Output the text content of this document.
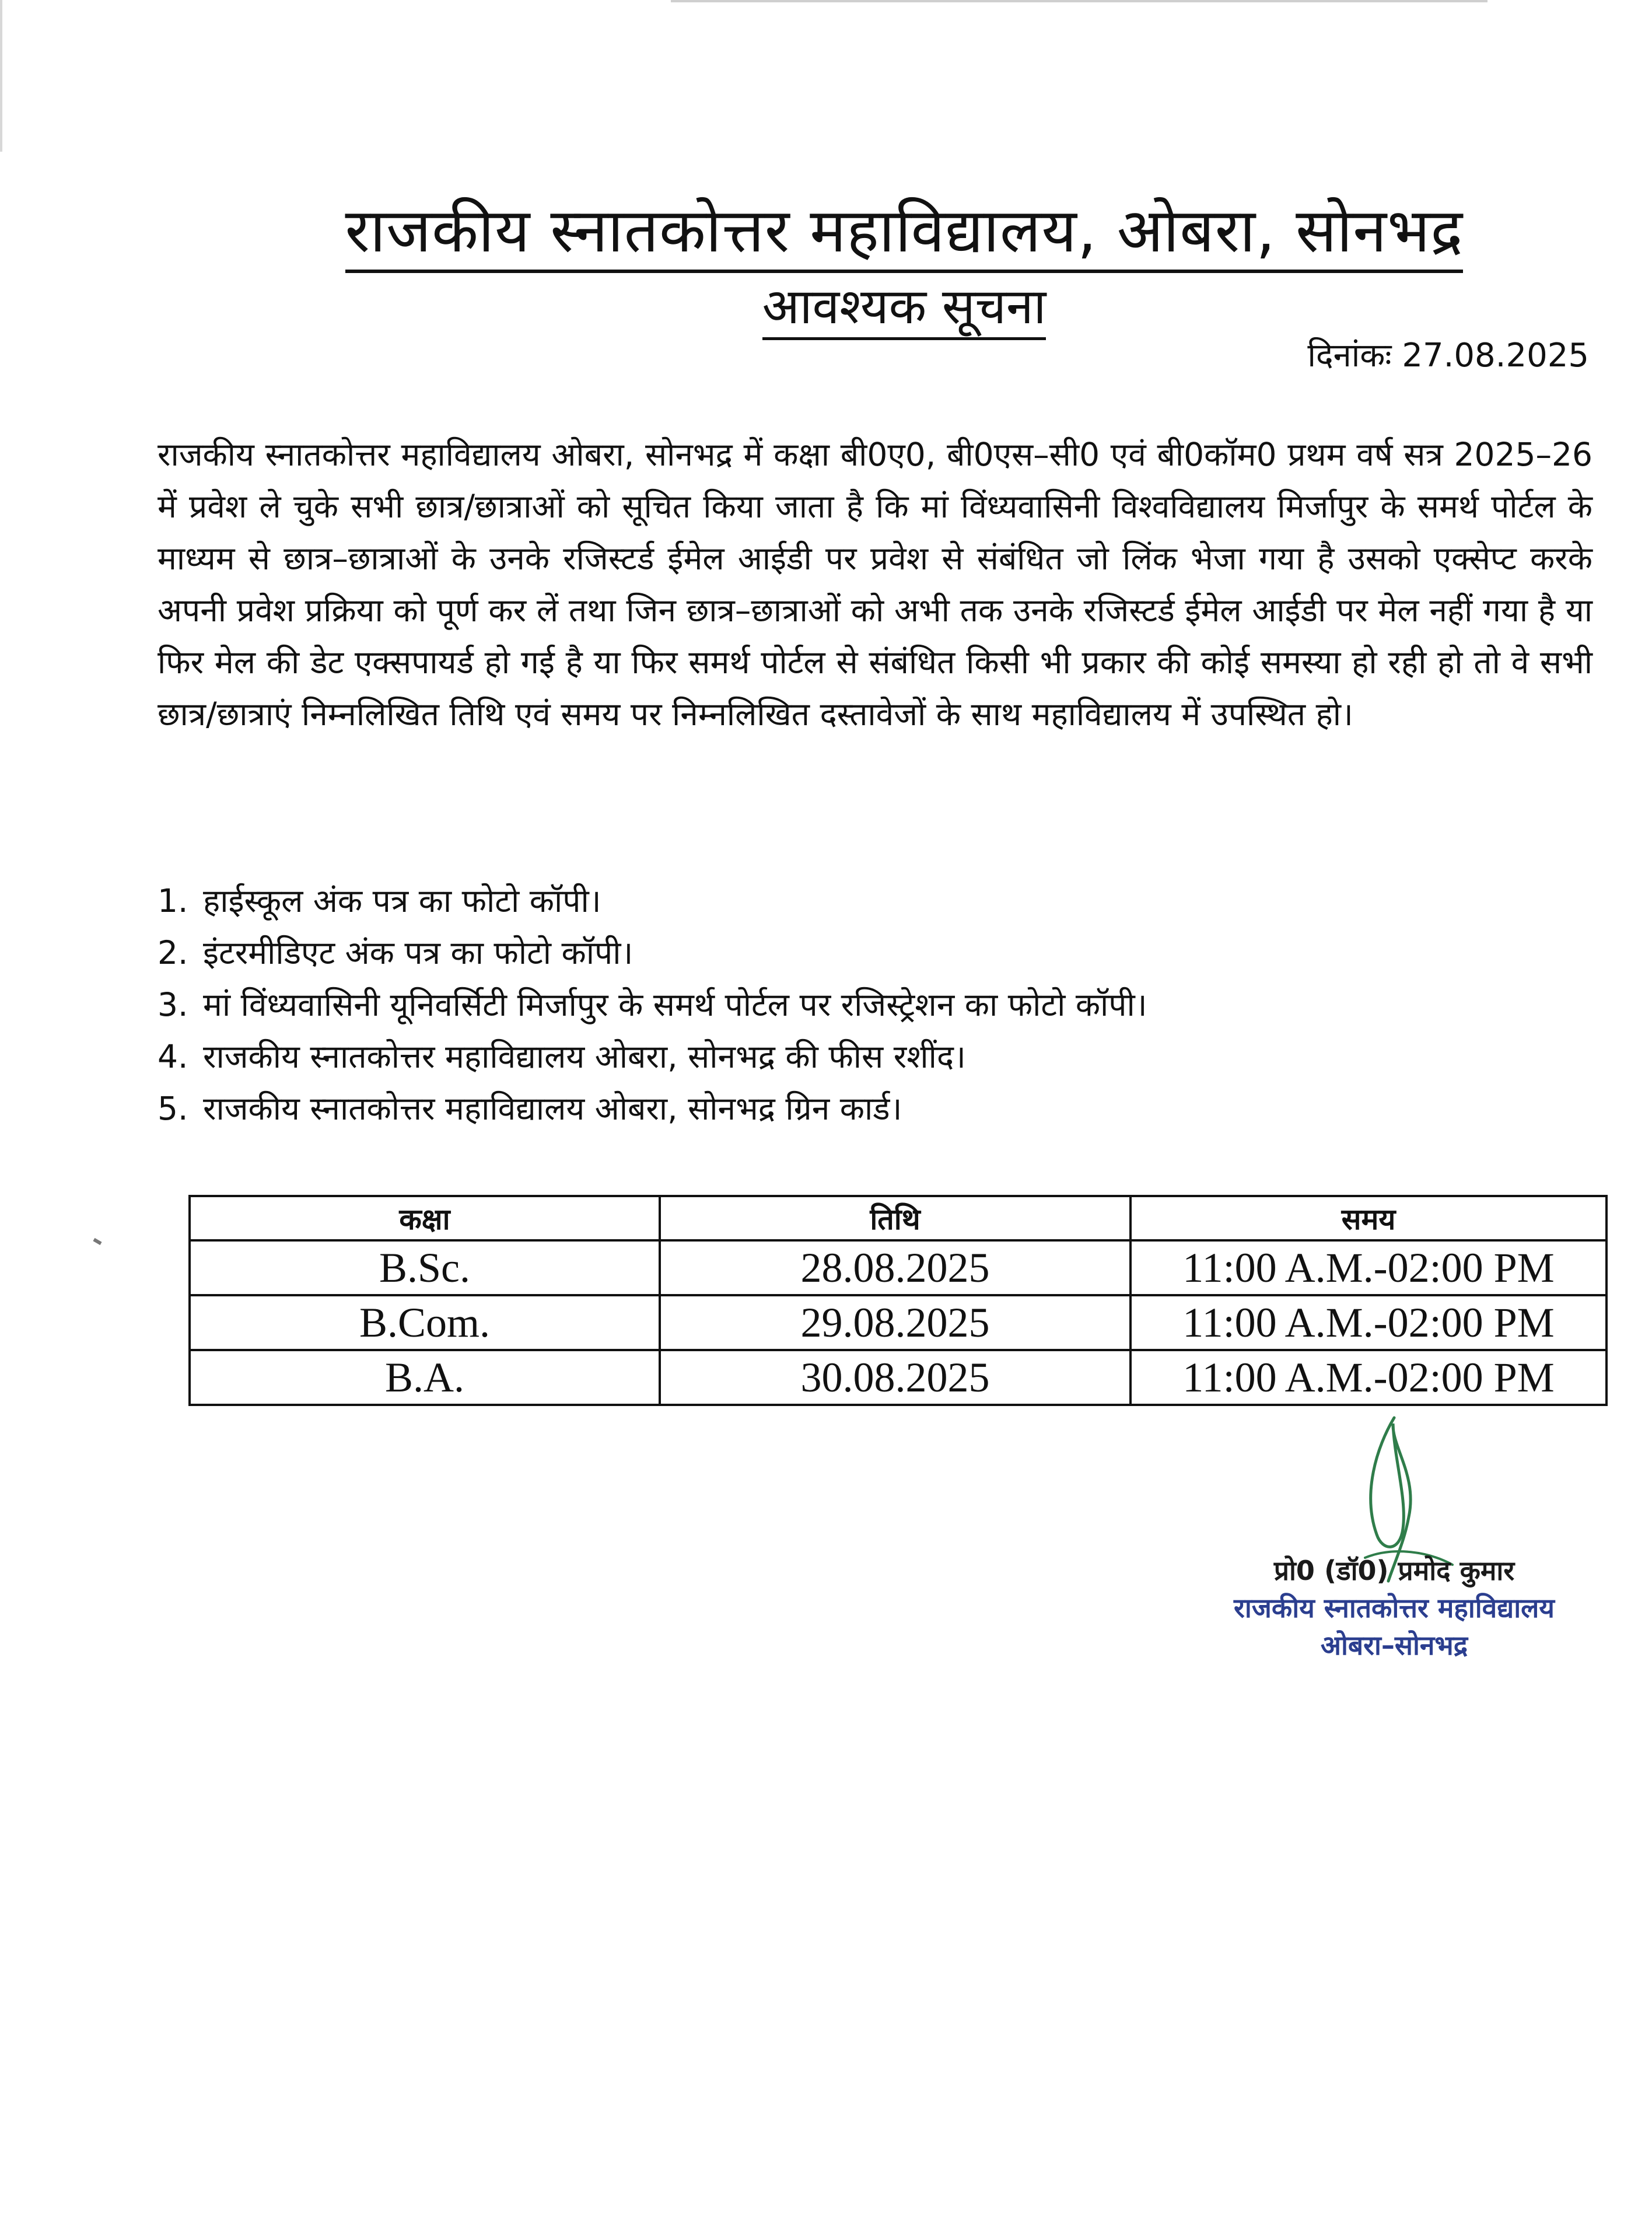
राजकीय स्नातकोत्तर महाविद्यालय, ओबरा, सोनभद्र
आवश्यक सूचना
दिनांकः 27.08.2025
राजकीय स्नातकोत्तर महाविद्यालय ओबरा, सोनभद्र में कक्षा बी0ए0, बी0एस–सी0 एवं बी0कॉम0 प्रथम वर्ष सत्र 2025–26 में प्रवेश ले चुके सभी छात्र/छात्राओं को सूचित किया जाता है कि मां विंध्यवासिनी विश्वविद्यालय मिर्जापुर के समर्थ पोर्टल के माध्यम से छात्र–छात्राओं के उनके रजिस्टर्ड ईमेल आईडी पर प्रवेश से संबंधित जो लिंक भेजा गया है उसको एक्सेप्ट करके अपनी प्रवेश प्रक्रिया को पूर्ण कर लें तथा जिन छात्र–छात्राओं को अभी तक उनके रजिस्टर्ड ईमेल आईडी पर मेल नहीं गया है या फिर मेल की डेट एक्सपायर्ड हो गई है या फिर समर्थ पोर्टल से संबंधित किसी भी प्रकार की कोई समस्या हो रही हो तो वे सभी छात्र/छात्राएं निम्नलिखित तिथि एवं समय पर निम्नलिखित दस्तावेजों के साथ महाविद्यालय में उपस्थित हो।
1. हाईस्कूल अंक पत्र का फोटो कॉपी।
2. इंटरमीडिएट अंक पत्र का फोटो कॉपी।
3. मां विंध्यवासिनी यूनिवर्सिटी मिर्जापुर के समर्थ पोर्टल पर रजिस्ट्रेशन का फोटो कॉपी।
4. राजकीय स्नातकोत्तर महाविद्यालय ओबरा, सोनभद्र की फीस रशींद।
5. राजकीय स्नातकोत्तर महाविद्यालय ओबरा, सोनभद्र ग्रिन कार्ड।
कक्षा	तिथि	समय
B.Sc.	28.08.2025	11:00 A.M.-02:00 PM
B.Com.	29.08.2025	11:00 A.M.-02:00 PM
B.A.	30.08.2025	11:00 A.M.-02:00 PM
प्रो0 (डॉ0) प्रमोद कुमार
राजकीय स्नातकोत्तर महाविद्यालय
ओबरा–सोनभद्र
